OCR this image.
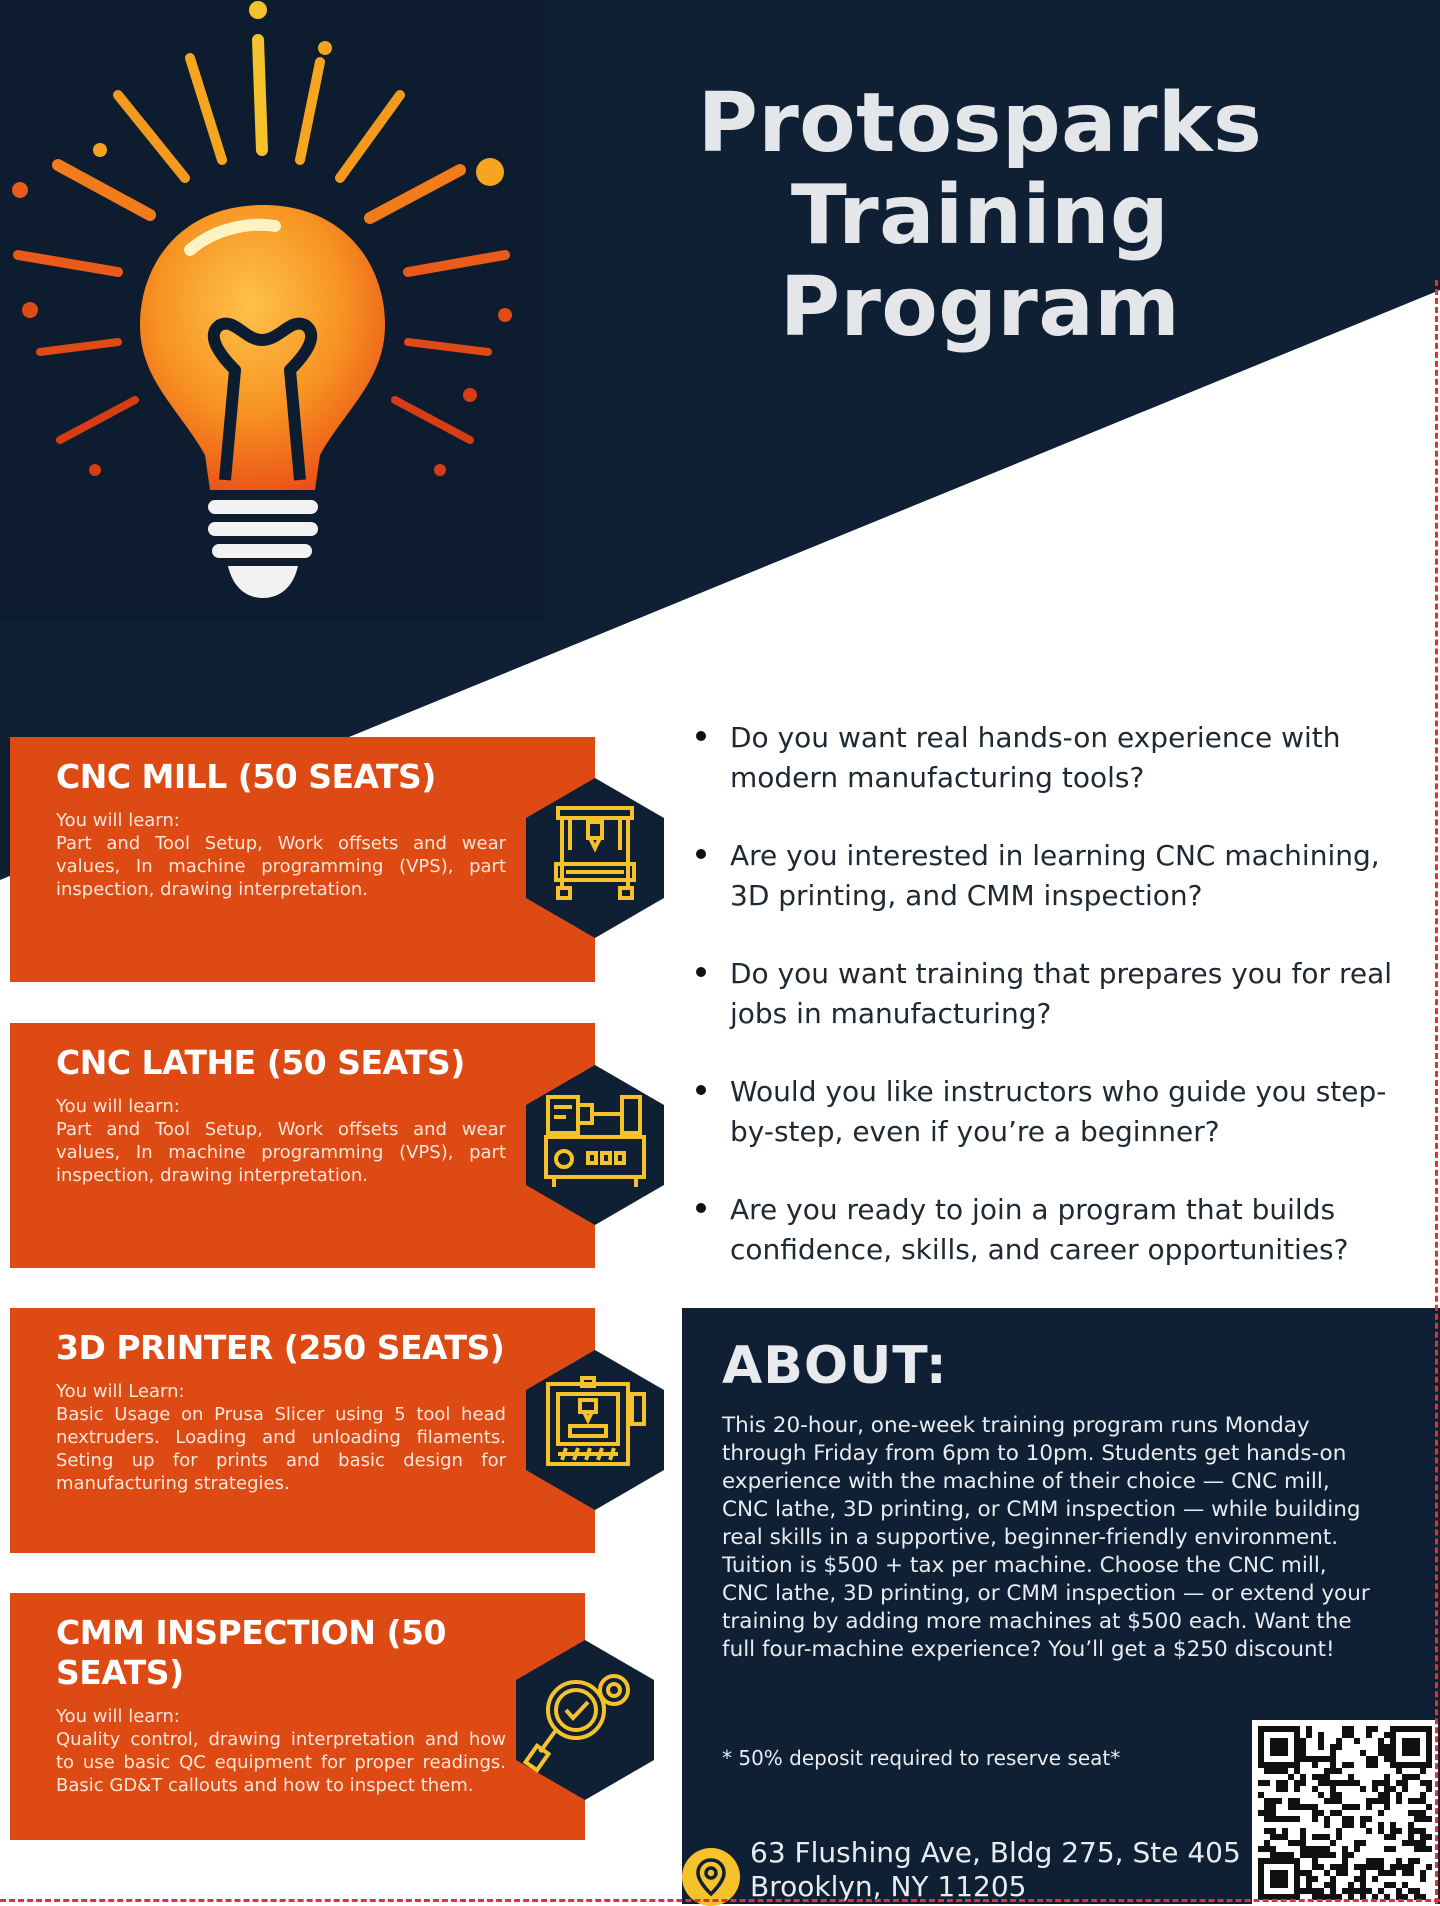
Protosparks
Training
Program
CNC MILL (50 SEATS)
You will learn:
Part and Tool Setup, Work offsets and wear values, In machine programming (VPS), part inspection, drawing interpretation.
CNC LATHE (50 SEATS)
You will learn:
Part and Tool Setup, Work offsets and wear values, In machine programming (VPS), part inspection, drawing interpretation.
3D PRINTER (250 SEATS)
You will Learn:
Basic Usage on Prusa Slicer using 5 tool head nextruders. Loading and unloading filaments. Seting up for prints and basic design for manufacturing strategies.
CMM INSPECTION (50 SEATS)
You will learn:
Quality control, drawing interpretation and how to use basic QC equipment for proper readings. Basic GD&T callouts and how to inspect them.
Do you want real hands-on experience with modern manufacturing tools?
Are you interested in learning CNC machining, 3D printing, and CMM inspection?
Do you want training that prepares you for real jobs in manufacturing?
Would you like instructors who guide you step-by-step, even if you’re a beginner?
Are you ready to join a program that builds confidence, skills, and career opportunities?
ABOUT:

This 20-hour, one-week training program runs Monday through Friday from 6pm to 10pm. Students get hands-on experience with the machine of their choice — CNC mill, CNC lathe, 3D printing, or CMM inspection — while building real skills in a supportive, beginner-friendly environment.

Tuition is $500 + tax per machine. Choose the CNC mill, CNC lathe, 3D printing, or CMM inspection — or extend your training by adding more machines at $500 each. Want the full four-machine experience? You’ll get a $250 discount!

* 50% deposit required to reserve seat*
63 Flushing Ave, Bldg 275, Ste 405
Brooklyn, NY 11205
